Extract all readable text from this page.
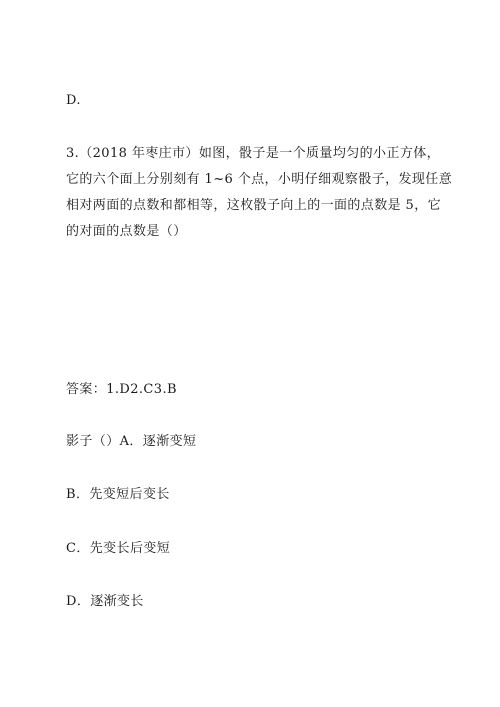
D.
3.（2018 年枣庄市）如图，骰子是一个质量均匀的小正方体，
它的六个面上分别刻有 1~6 个点，小明仔细观察骰子，发现任意
相对两面的点数和都相等，这枚骰子向上的一面的点数是 5，它
的对面的点数是（）
答案：1.D2.C3.B
影子（）A．逐渐变短
B．先变短后变长
C．先变长后变短
D．逐渐变长
